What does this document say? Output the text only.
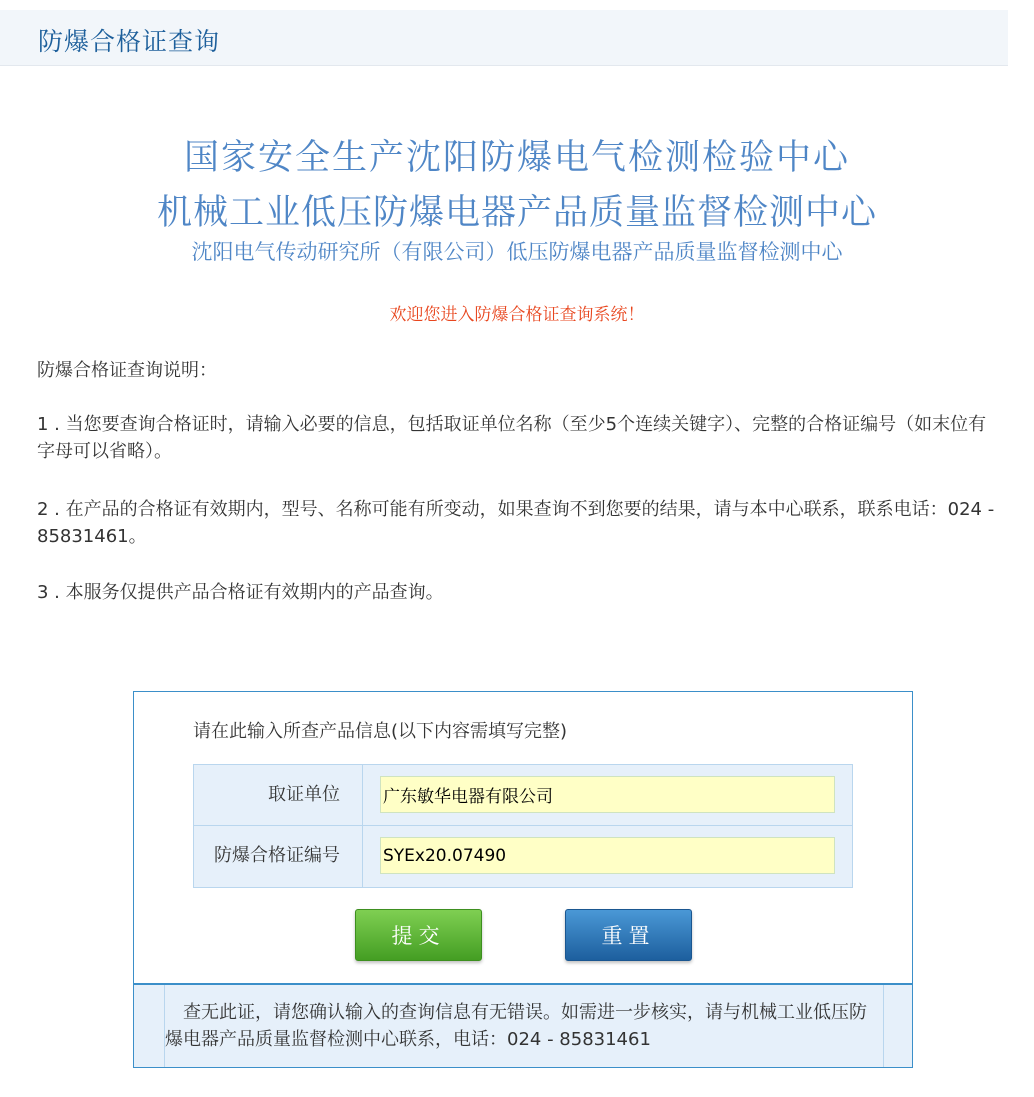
防爆合格证查询
国家安全生产沈阳防爆电气检测检验中心
机械工业低压防爆电器产品质量监督检测中心
沈阳电气传动研究所（有限公司）低压防爆电器产品质量监督检测中心
欢迎您进入防爆合格证查询系统！
防爆合格证查询说明：
1 . 当您要查询合格证时，请输入必要的信息，包括取证单位名称（至少5个连续关键字）、完整的合格证编号（如末位有字母可以省略）。
2 . 在产品的合格证有效期内，型号、名称可能有所变动，如果查询不到您要的结果，请与本中心联系，联系电话：024 - 85831461。
3 . 本服务仅提供产品合格证有效期内的产品查询。
请在此输入所查产品信息(以下内容需填写完整)
取证单位
广东敏华电器有限公司
防爆合格证编号
SYEx20.07490
提交	重置
　查无此证，请您确认输入的查询信息有无错误。如需进一步核实，请与机械工业低压防爆电器产品质量监督检测中心联系，电话：024 - 85831461
